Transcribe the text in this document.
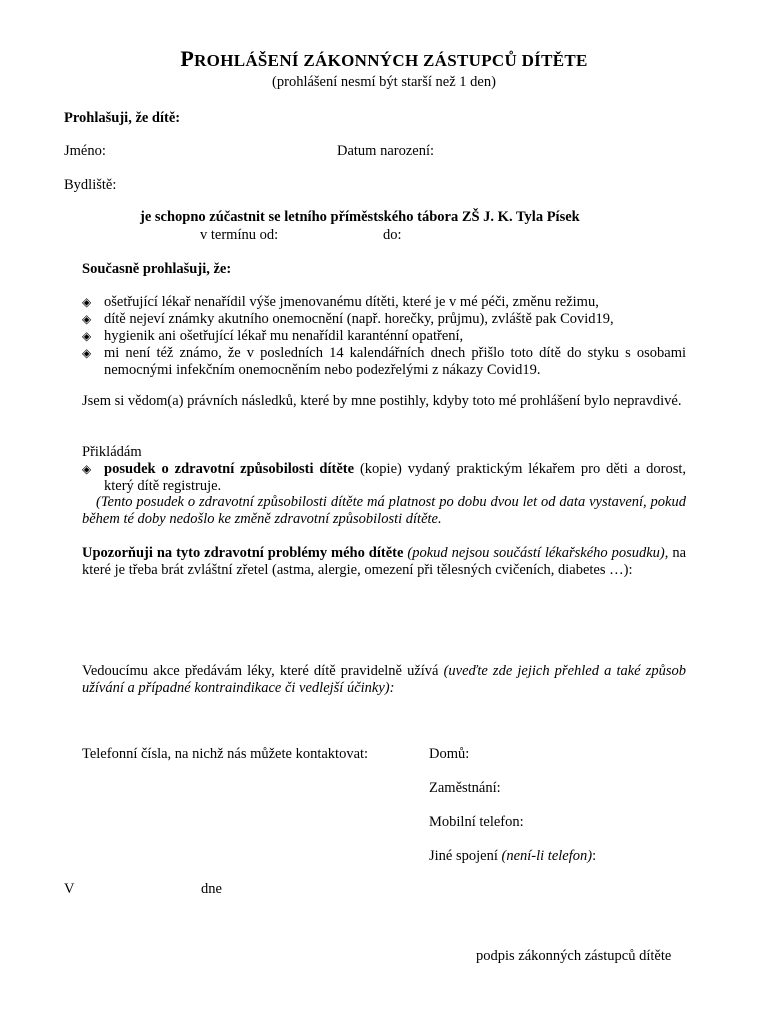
PROHLÁŠENÍ ZÁKONNÝCH ZÁSTUPCŮ DÍTĚTE
(prohlášení nesmí být starší než 1 den)
Prohlašuji, že dítě:
Jméno:	Datum narození:
Bydliště:
je schopno zúčastnit se letního příměstského tábora ZŠ J. K. Tyla Písek
v termínu od:	do:
Současně prohlašuji, že:
◈ ošetřující lékař nenařídil výše jmenovanému dítěti, které je v mé péči, změnu režimu,
◈ dítě nejeví známky akutního onemocnění (např. horečky, průjmu), zvláště pak Covid19,
◈ hygienik ani ošetřující lékař mu nenařídil karanténní opatření,
◈ mi není též známo, že v posledních 14 kalendářních dnech přišlo toto dítě do styku s osobami nemocnými infekčním onemocněním nebo podezřelými z nákazy Covid19.
Jsem si vědom(a) právních následků, které by mne postihly, kdyby toto mé prohlášení bylo nepravdivé.
Přikládám
◈ posudek o zdravotní způsobilosti dítěte (kopie) vydaný praktickým lékařem pro děti a dorost, který dítě registruje.
(Tento posudek o zdravotní způsobilosti dítěte má platnost po dobu dvou let od data vystavení, pokud během té doby nedošlo ke změně zdravotní způsobilosti dítěte.
Upozorňuji na tyto zdravotní problémy mého dítěte (pokud nejsou součástí lékařského posudku), na které je třeba brát zvláštní zřetel (astma, alergie, omezení při tělesných cvičeních, diabetes …):
Vedoucímu akce předávám léky, které dítě pravidelně užívá (uveďte zde jejich přehled a také způsob užívání a případné kontraindikace či vedlejší účinky):
Telefonní čísla, na nichž nás můžete kontaktovat:	Domů:
Zaměstnání:
Mobilní telefon:
Jiné spojení (není-li telefon):
V	dne
podpis zákonných zástupců dítěte
